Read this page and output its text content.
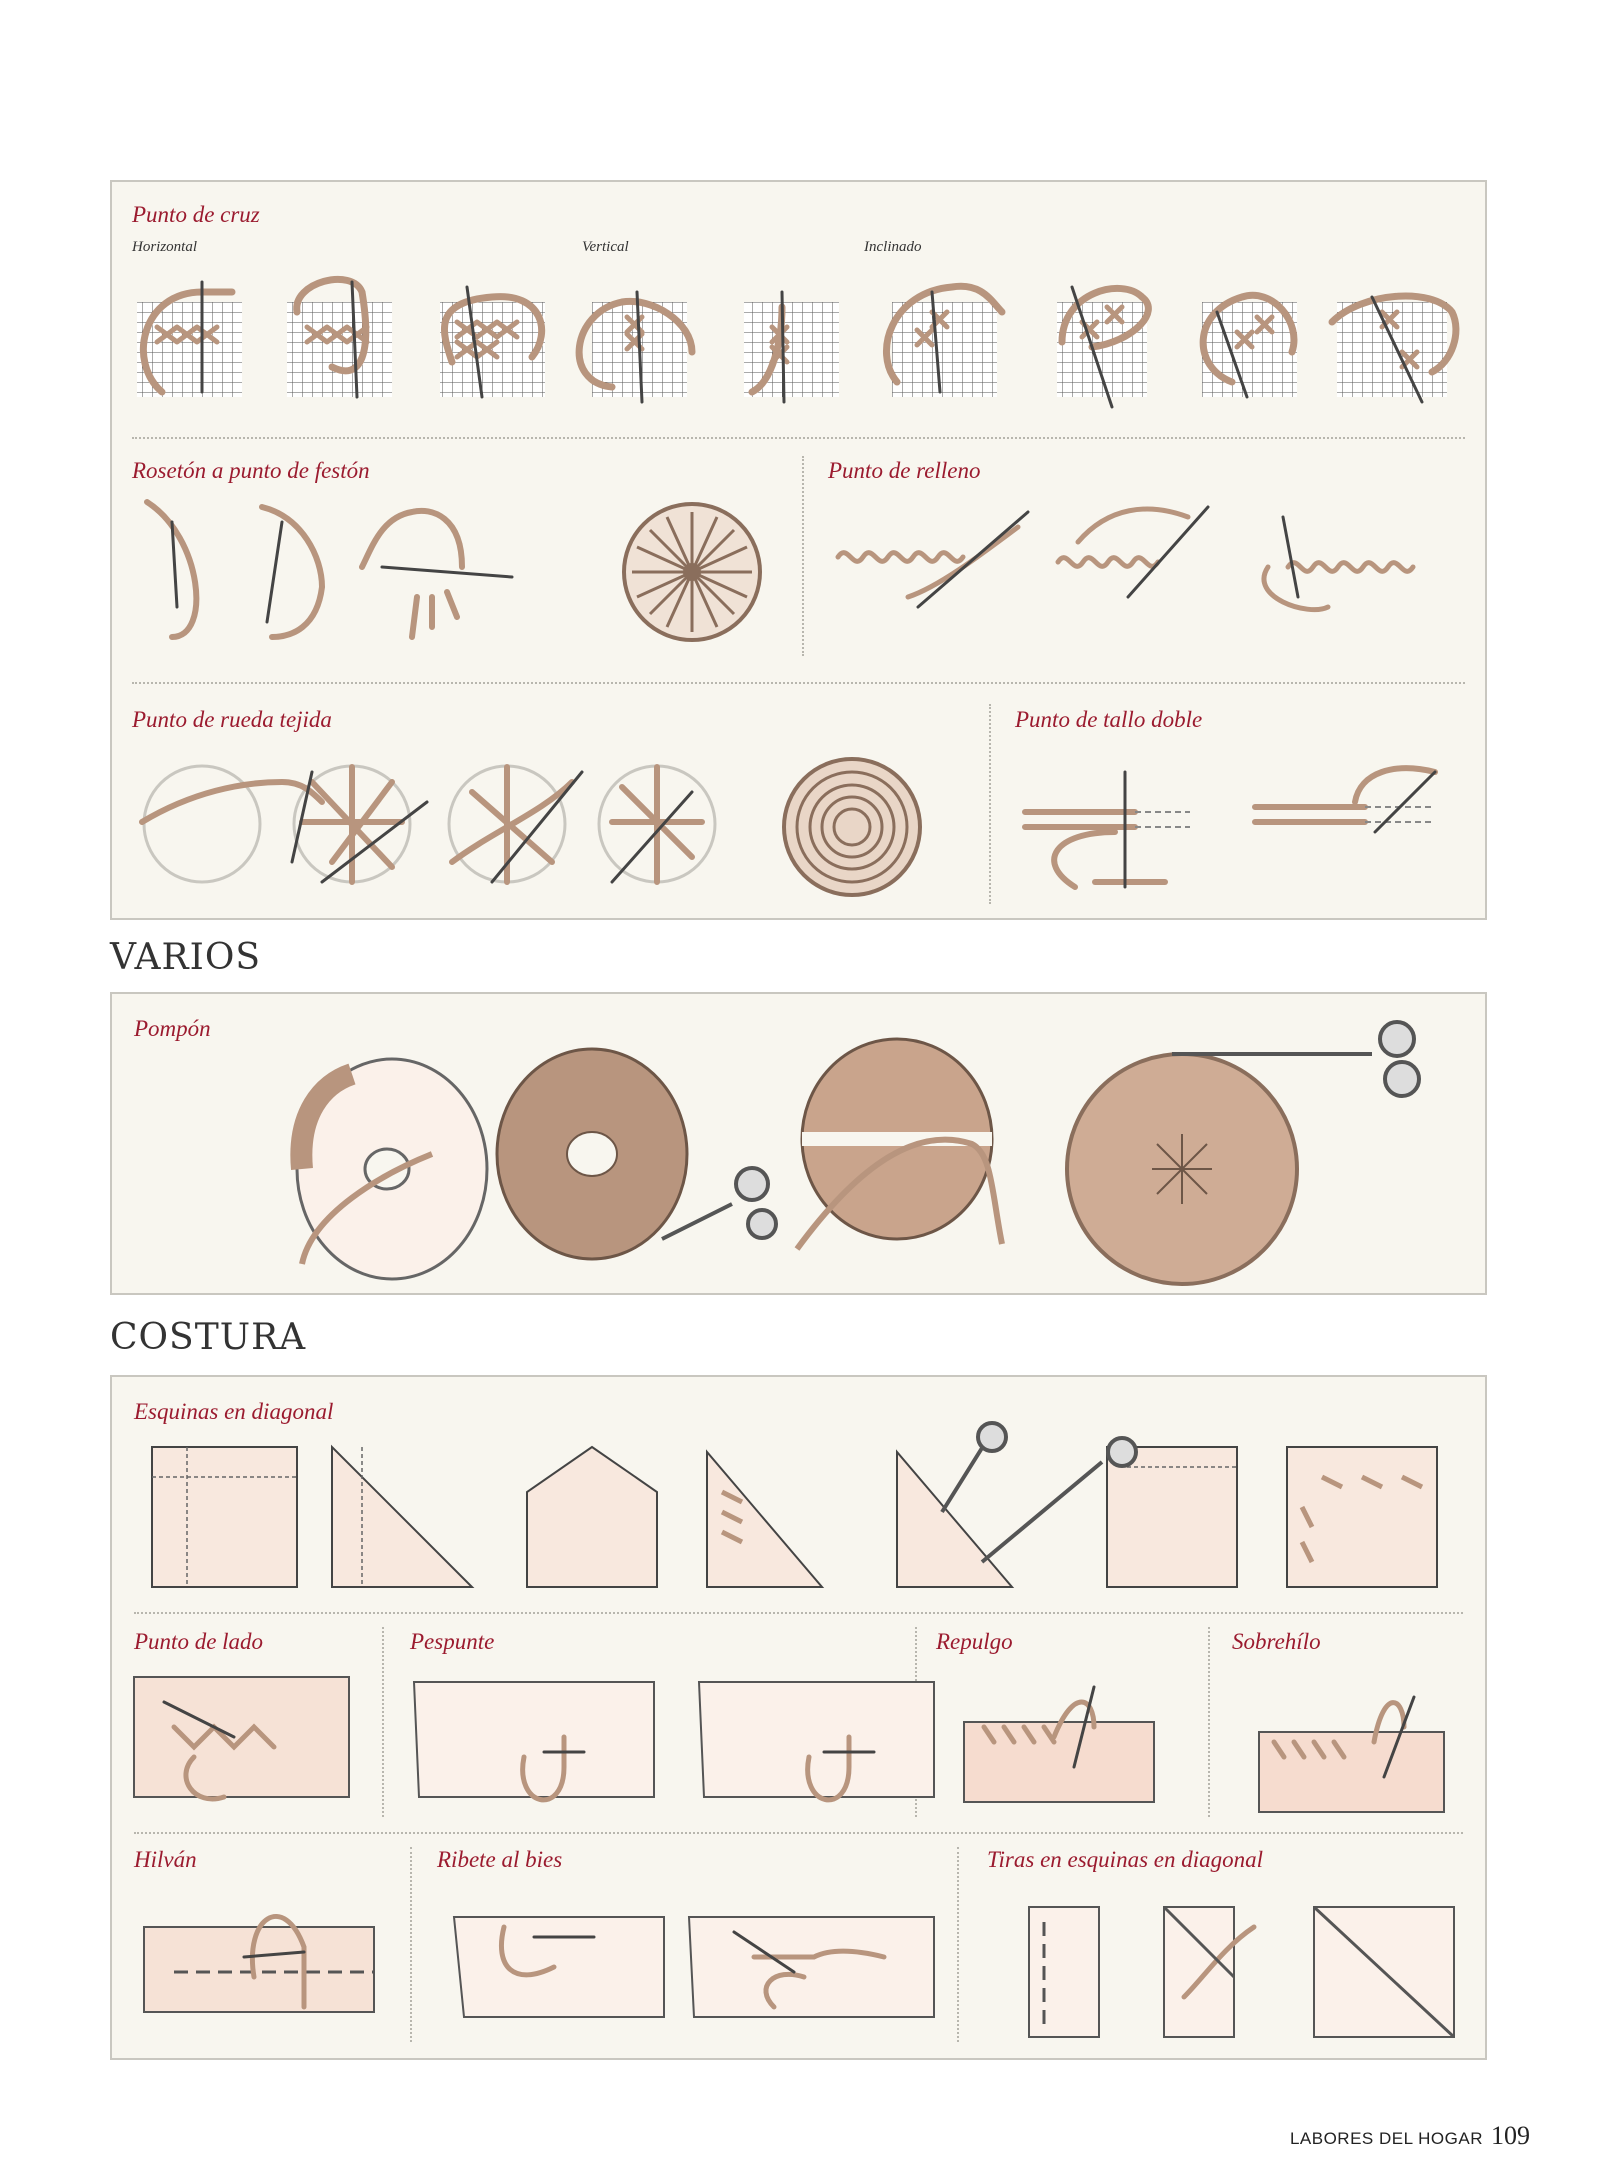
Punto de cruz
Horizontal	Vertical	Inclinado
Rosetón a punto de festón	Punto de relleno
Punto de rueda tejida	Punto de tallo doble
VARIOS
Pompón
COSTURA
Esquinas en diagonal
Punto de lado	Pespunte	Repulgo	Sobrehílo
Hilván	Ribete al bies	Tiras en esquinas en diagonal
LABORES DEL HOGAR 109
